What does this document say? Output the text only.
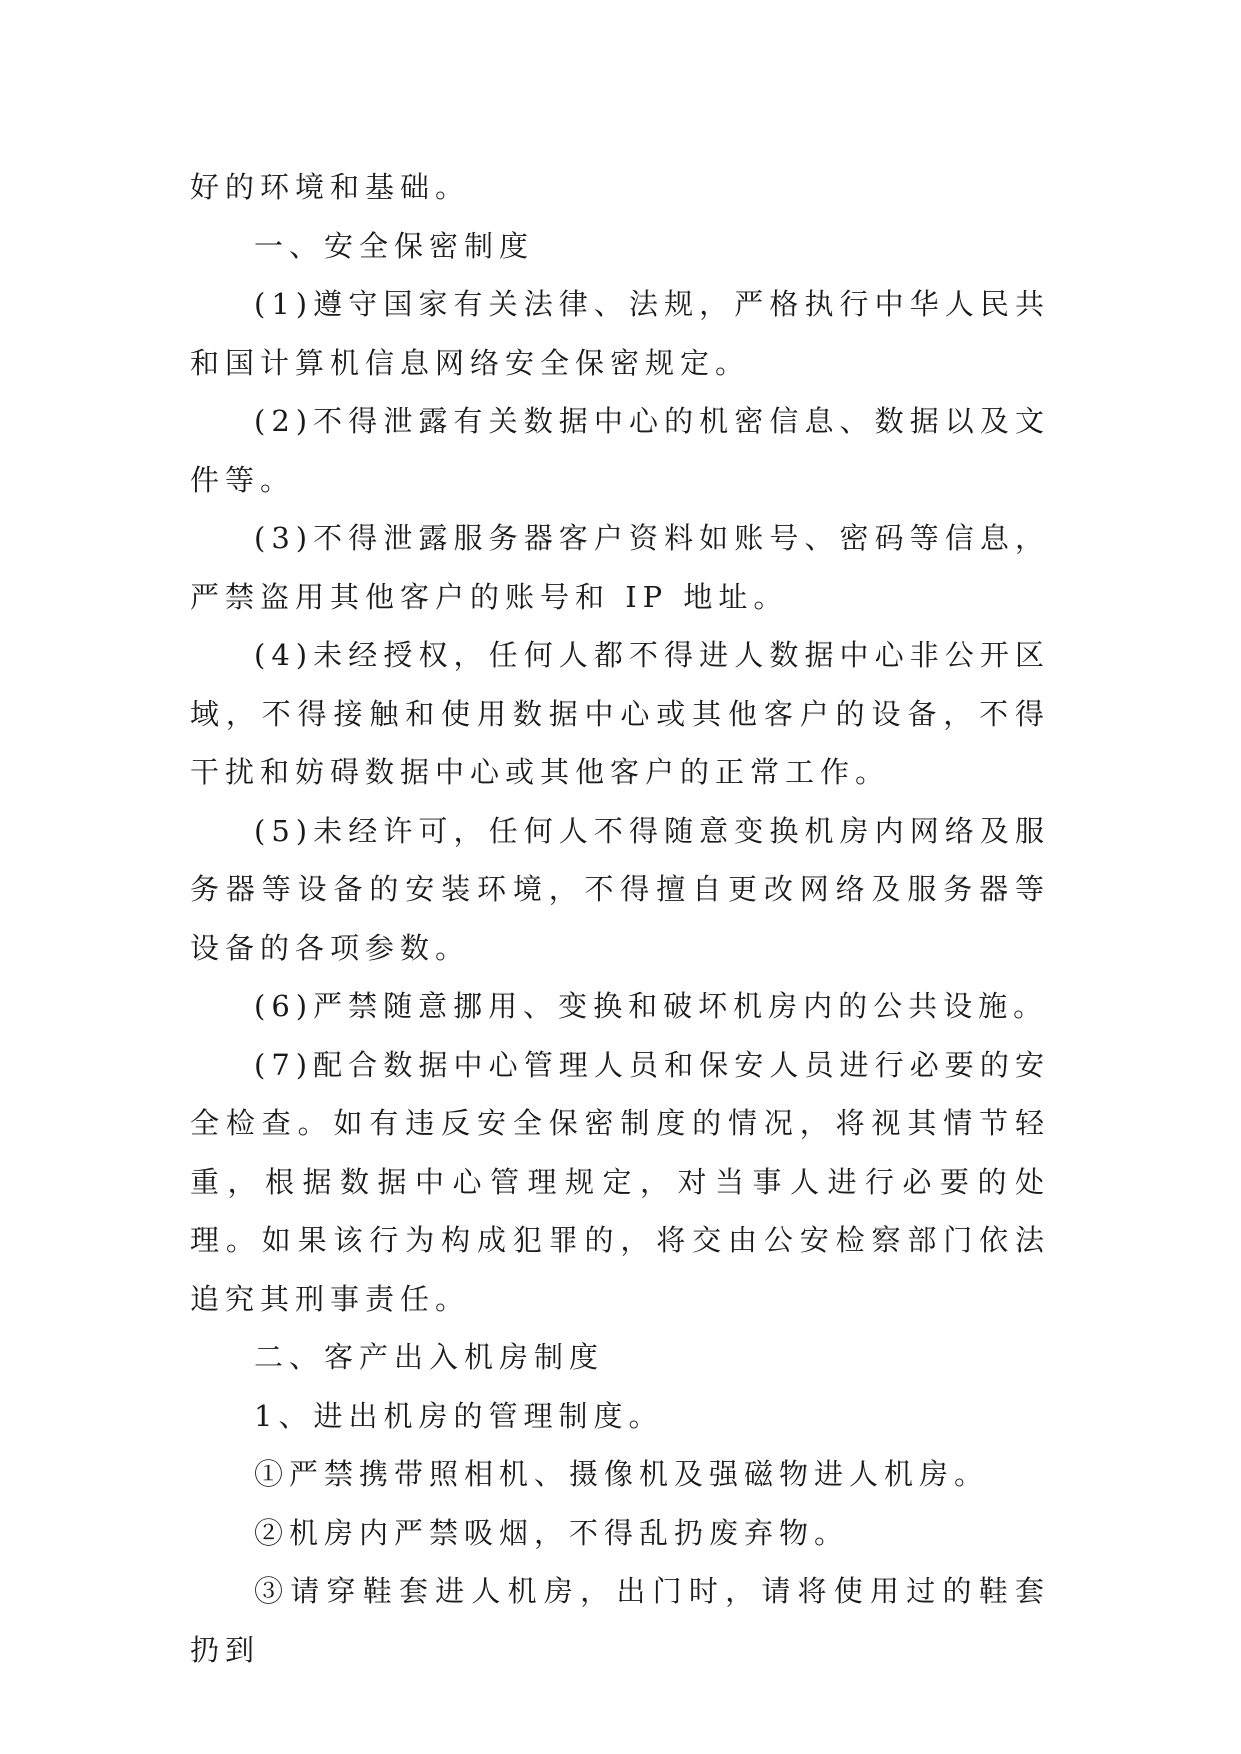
好的环境和基础。

一、安全保密制度

(1)遵守国家有关法律、法规，严格执行中华人民共和国计算机信息网络安全保密规定。

(2)不得泄露有关数据中心的机密信息、数据以及文件等。

(3)不得泄露服务器客户资料如账号、密码等信息，严禁盗用其他客户的账号和 IP 地址。

(4)未经授权，任何人都不得进人数据中心非公开区域，不得接触和使用数据中心或其他客户的设备，不得干扰和妨碍数据中心或其他客户的正常工作。

(5)未经许可，任何人不得随意变换机房内网络及服务器等设备的安装环境，不得擅自更改网络及服务器等设备的各项参数。

(6)严禁随意挪用、变换和破坏机房内的公共设施。

(7)配合数据中心管理人员和保安人员进行必要的安全检查。如有违反安全保密制度的情况，将视其情节轻重，根据数据中心管理规定，对当事人进行必要的处理。如果该行为构成犯罪的，将交由公安检察部门依法追究其刑事责任。

二、客产出入机房制度

1、进出机房的管理制度。

①严禁携带照相机、摄像机及强磁物进人机房。

②机房内严禁吸烟，不得乱扔废弃物。

③请穿鞋套进人机房，出门时，请将使用过的鞋套扔到
